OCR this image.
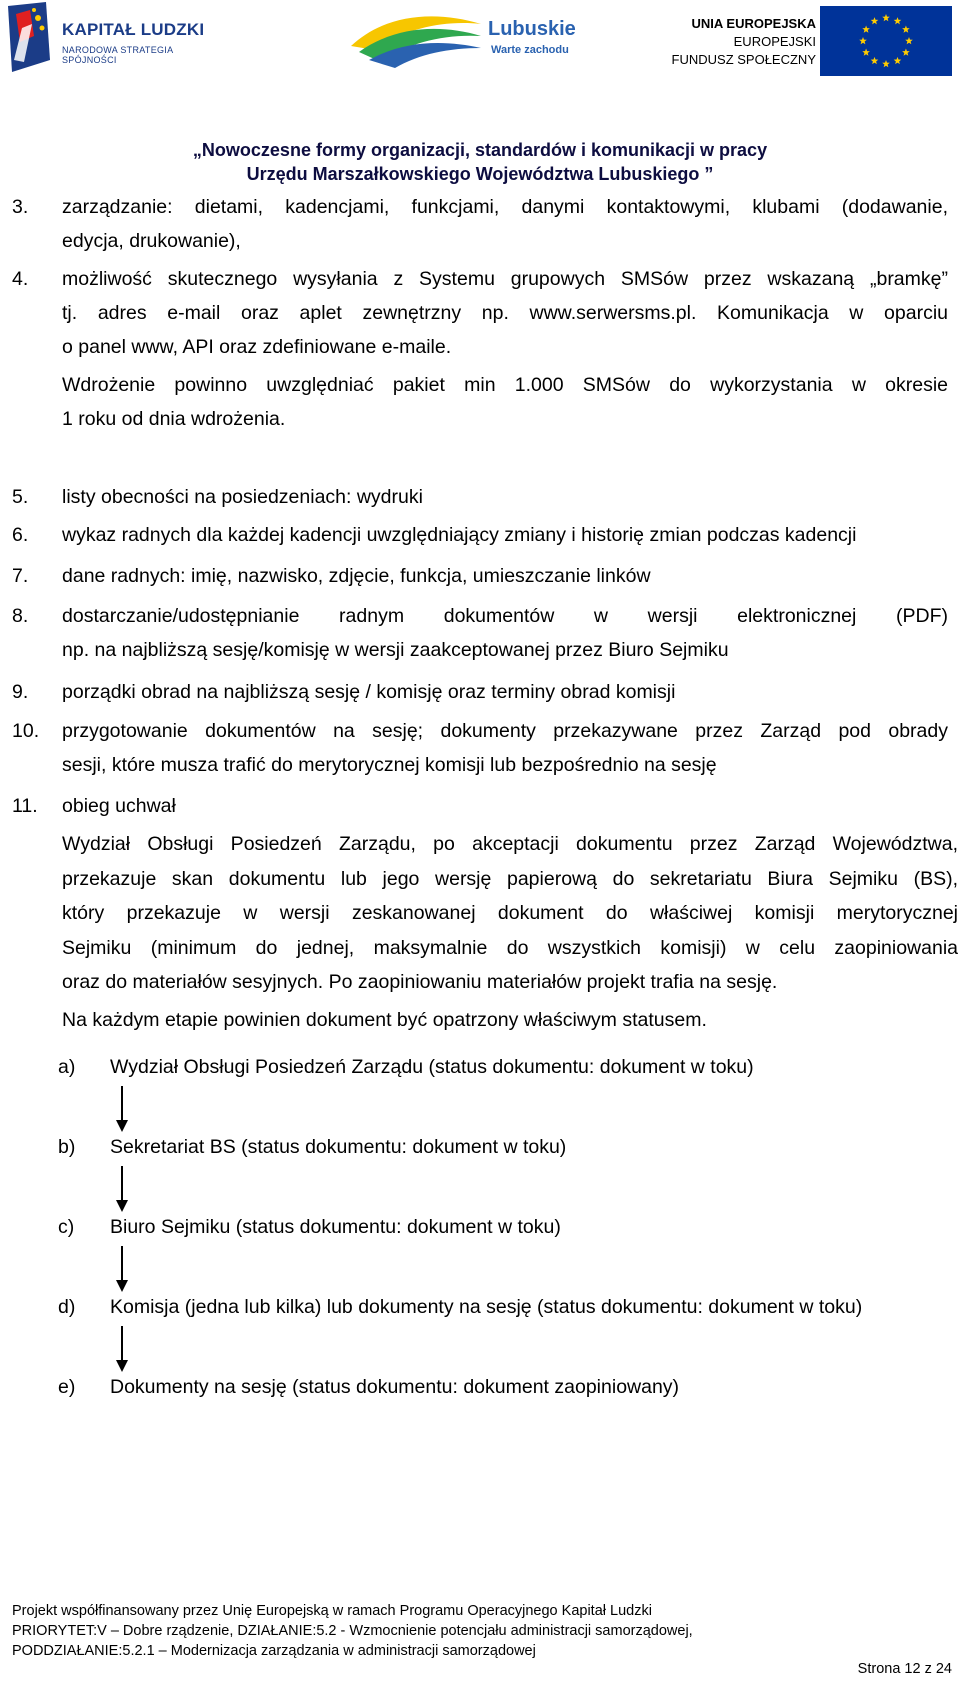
KAPITAŁ LUDZKI
NARODOWA STRATEGIA SPÓJNOŚCI
Lubuskie
Warte zachodu
UNIA EUROPEJSKA
EUROPEJSKI
FUNDUSZ SPOŁECZNY
„Nowoczesne formy organizacji, standardów i komunikacji w pracy
Urzędu Marszałkowskiego Województwa Lubuskiego ”
3. zarządzanie: dietami, kadencjami, funkcjami, danymi kontaktowymi, klubami (dodawanie,
edycja, drukowanie),
4. możliwość skutecznego wysyłania z Systemu grupowych SMSów przez wskazaną „bramkę”
tj. adres e-mail oraz aplet zewnętrzny np. www.serwersms.pl. Komunikacja w oparciu
o panel www, API oraz zdefiniowane e-maile.
Wdrożenie powinno uwzględniać pakiet min 1.000 SMSów do wykorzystania w okresie
1 roku od dnia wdrożenia.
5. listy obecności na posiedzeniach: wydruki
6. wykaz radnych dla każdej kadencji uwzględniający zmiany i historię zmian podczas kadencji
7. dane radnych: imię, nazwisko, zdjęcie, funkcja, umieszczanie linków
8. dostarczanie/udostępnianie radnym dokumentów w wersji elektronicznej (PDF)
np. na najbliższą sesję/komisję w wersji zaakceptowanej przez Biuro Sejmiku
9. porządki obrad na najbliższą sesję / komisję oraz terminy obrad komisji
10. przygotowanie dokumentów na sesję; dokumenty przekazywane przez Zarząd pod obrady
sesji, które musza trafić do merytorycznej komisji lub bezpośrednio na sesję
11. obieg uchwał
Wydział Obsługi Posiedzeń Zarządu, po akceptacji dokumentu przez Zarząd Województwa,
przekazuje skan dokumentu lub jego wersję papierową do sekretariatu Biura Sejmiku (BS),
który przekazuje w wersji zeskanowanej dokument do właściwej komisji merytorycznej
Sejmiku (minimum do jednej, maksymalnie do wszystkich komisji) w celu zaopiniowania
oraz do materiałów sesyjnych. Po zaopiniowaniu materiałów projekt trafia na sesję.
Na każdym etapie powinien dokument być opatrzony właściwym statusem.
a) Wydział Obsługi Posiedzeń Zarządu (status dokumentu: dokument w toku)
b) Sekretariat BS (status dokumentu: dokument w toku)
c) Biuro Sejmiku (status dokumentu: dokument w toku)
d) Komisja (jedna lub kilka) lub dokumenty na sesję (status dokumentu: dokument w toku)
e) Dokumenty na sesję (status dokumentu: dokument zaopiniowany)
Projekt współfinansowany przez Unię Europejską w ramach Programu Operacyjnego Kapitał Ludzki
PRIORYTET:V – Dobre rządzenie, DZIAŁANIE:5.2 - Wzmocnienie potencjału administracji samorządowej,
PODDZIAŁANIE:5.2.1 – Modernizacja zarządzania w administracji samorządowej
Strona 12 z 24
